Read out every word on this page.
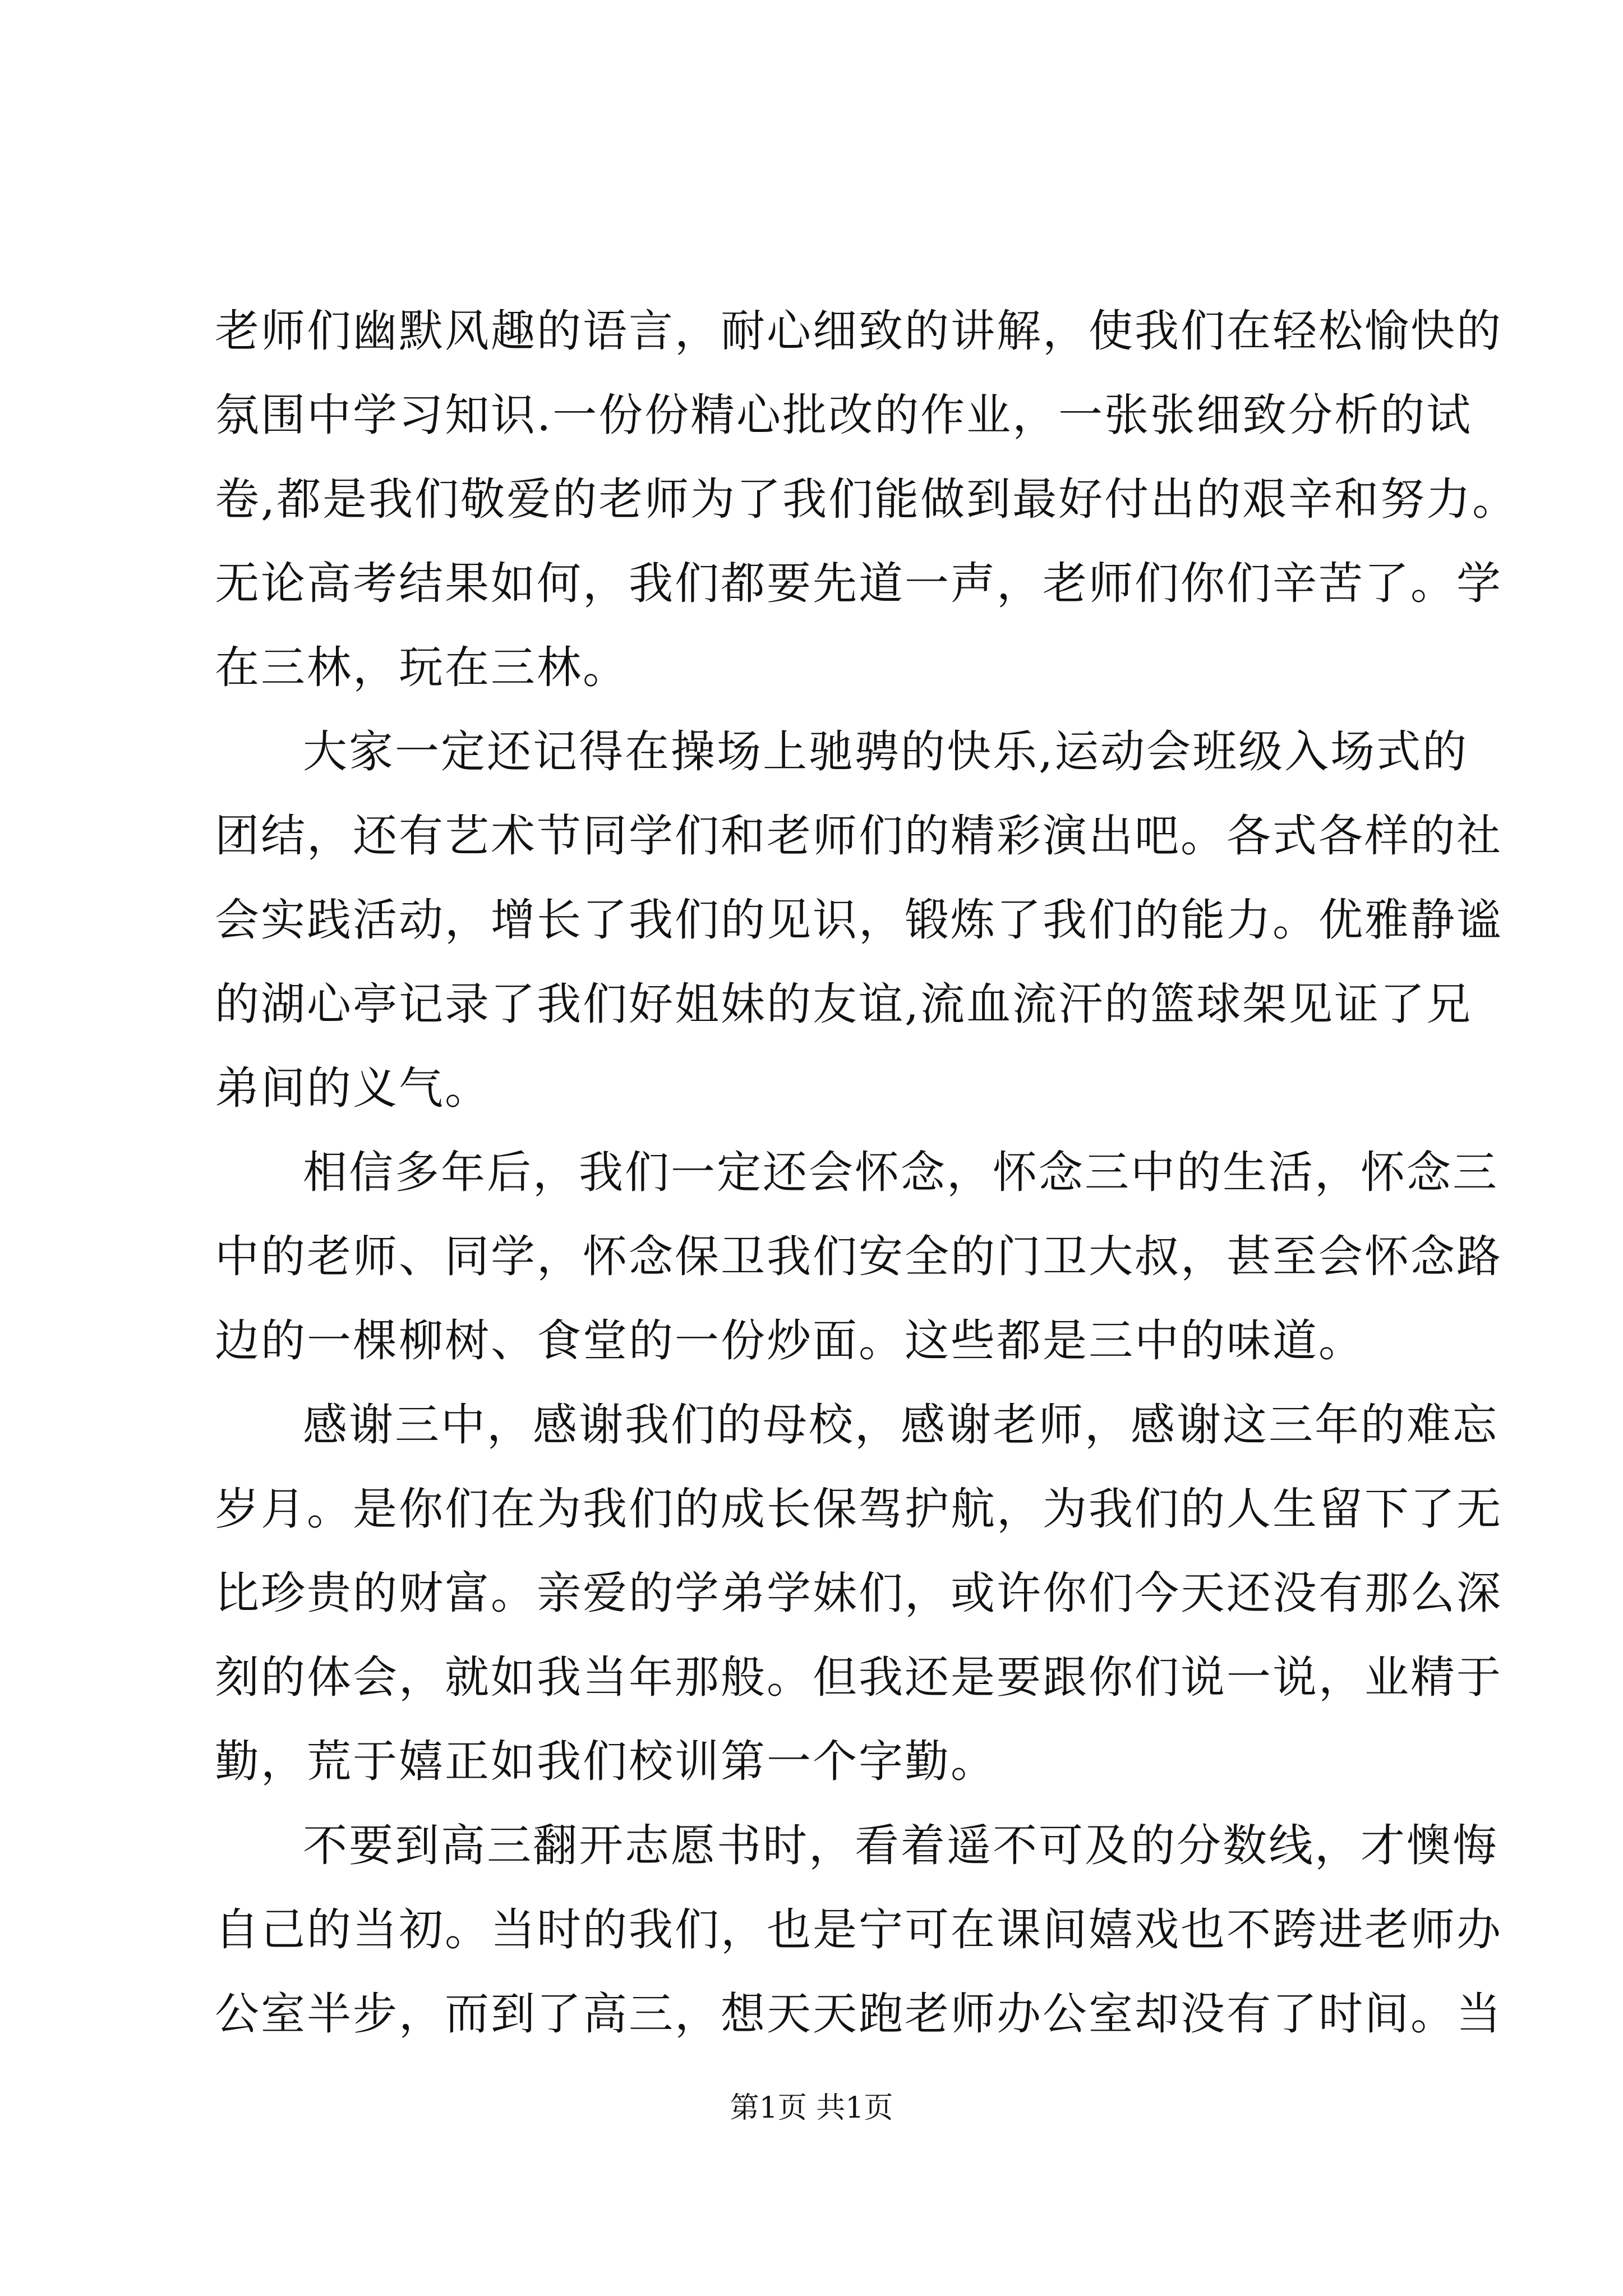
老师们幽默风趣的语言，耐心细致的讲解，使我们在轻松愉快的
氛围中学习知识.一份份精心批改的作业，一张张细致分析的试
卷,都是我们敬爱的老师为了我们能做到最好付出的艰辛和努力。
无论高考结果如何，我们都要先道一声，老师们你们辛苦了。学
在三林，玩在三林。
大家一定还记得在操场上驰骋的快乐,运动会班级入场式的
团结，还有艺术节同学们和老师们的精彩演出吧。各式各样的社
会实践活动，增长了我们的见识，锻炼了我们的能力。优雅静谧
的湖心亭记录了我们好姐妹的友谊,流血流汗的篮球架见证了兄
弟间的义气。
相信多年后，我们一定还会怀念，怀念三中的生活，怀念三
中的老师、同学，怀念保卫我们安全的门卫大叔，甚至会怀念路
边的一棵柳树、食堂的一份炒面。这些都是三中的味道。
感谢三中，感谢我们的母校，感谢老师，感谢这三年的难忘
岁月。是你们在为我们的成长保驾护航，为我们的人生留下了无
比珍贵的财富。亲爱的学弟学妹们，或许你们今天还没有那么深
刻的体会，就如我当年那般。但我还是要跟你们说一说，业精于
勤，荒于嬉正如我们校训第一个字勤。
不要到高三翻开志愿书时，看着遥不可及的分数线，才懊悔
自己的当初。当时的我们，也是宁可在课间嬉戏也不跨进老师办
公室半步，而到了高三，想天天跑老师办公室却没有了时间。当
第1页 共1页
